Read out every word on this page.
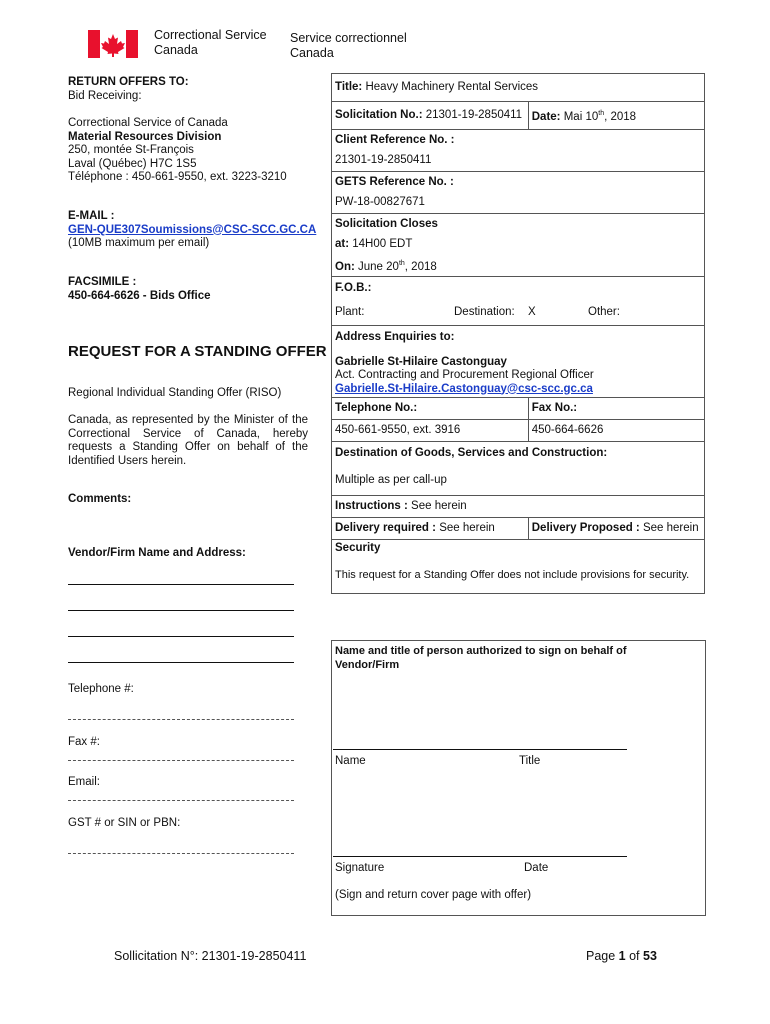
Correctional Service
Canada
Service correctionnel
Canada
RETURN OFFERS TO:
Bid Receiving:
Correctional Service of Canada
Material Resources Division
250, montée St-François
Laval (Québec) H7C 1S5
Téléphone : 450-661-9550, ext. 3223-3210
E-MAIL :
GEN-QUE307Soumissions@CSC-SCC.GC.CA
(10MB maximum per email)
FACSIMILE :
450-664-6626 - Bids Office
REQUEST FOR A STANDING OFFER
Regional Individual Standing Offer (RISO)
Canada, as represented by the Minister of the Correctional Service of Canada, hereby requests a Standing Offer on behalf of the Identified Users herein.
Comments:
Vendor/Firm Name and Address:
Telephone #:
Fax #:
Email:
GST # or SIN or PBN:
Title: Heavy Machinery Rental Services	
Solicitation No.: 21301-19-2850411	Date: Mai 10th, 2018
Client Reference No. :	
21301-19-2850411	
GETS Reference No. :	
PW-18-00827671	
Solicitation Closes	
at: 14H00 EDT	
On: June 20th, 2018	
F.O.B.:	
Plant: Destination: X Other:	

Address Enquiries to:
Gabrielle St-Hilaire Castonguay
Act. Contracting and Procurement Regional Officer
Gabrielle.St-Hilaire.Castonguay@csc-scc.gc.ca	

Telephone No.:	Fax No.:
450-661-9550, ext. 3916	450-664-6626
Destination of Goods, Services and Construction:	
Multiple as per call-up	
Instructions : See herein	
Delivery required : See herein	Delivery Proposed : See herein
Security	
This request for a Standing Offer does not include provisions for security.	
Name and title of person authorized to sign on behalf of
Vendor/Firm
Name	Title
Signature	Date
(Sign and return cover page with offer)
Sollicitation N°: 21301-19-2850411	Page 1 of 53
